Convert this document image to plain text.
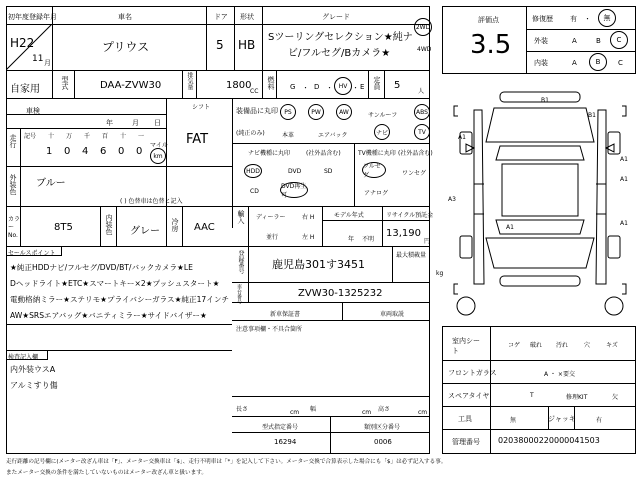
初年度登録年月	車名	ドア 形状	グレード
H22
11 月
プリウス	5 HB
Sツーリングセレクション★純ナ
ビ/フルセグ/Bカメラ★
2WD
4WD
自家用	型式	DAA-ZVW30	排気量	1800
CC
燃料 G ・ D ・ HV ・ E 定員 5
人
車検
年	月 日
シフト
FAT
走行 記号 十 万 千 百 十 一
マイル
1 0 4 6 0 0 km
外装色 ブルー
( ) 色替車は色替と記入
装備品に丸印
(純正のみ)
PS	PW	AW	サンルーフ	ABS
本革	エアバック	ナビ	TV
ナビ機種に丸印	(社外品含む)
HDD	DVD	SD
CD
DVD再生可
TV機種に丸印 (社外品含む)
フルセグ	ワンセグ
アナログ
カラーNo.
8T5	内装色 グレー 冷房 AAC
輸入 ディーラー
並行
右 H
左 H
モデル年式
不明
年
リサイクル預託金
13,190
円
セールスポイント
★純正HDDナビ/フルセグ/DVD/BT/バックカメラ★LE
Dヘッドライト★ETC★スマートキー×2★プッシュスタート★
電動格納ミラー★ステリモ★プライバシーガラス★純正17インチ
AW★SRSエアバッグ★バニティミラー★サイドバイザー★
登録番号	鹿児島301す3451
最大積載量
kg
車台番号	ZVW30-1325232
新車保証書	車両取説
注意事項欄・不具合箇所
検査記入欄
内外装ウスA
アルミすり傷
長さ	cm 幅	cm 高さ	cm
型式指定番号
16294
類別区分番号
0006
評価点
3.5
修復歴 有 ・ 無
外装	A	B C
内装	A	B	C
B1
B1
A1
A1
A1
A1
A3
A1
室内シート
コゲ 破れ 汚れ	穴	キズ
フロントガラス	A ・ ×要交
スペアタイヤ	T	修理KIT	欠
工具	無	ジャッキ	有
管理番号 02038000220000041503
走行距離の記号欄に(メーター改ざん車は「F」、メーター交換車は「$」、走行不明車は「*」を記入して下さい。メーター交換で合算表示した場合にも「$」は必ず記入する事。
またメーター交換の条件を満たしていないものはメーター改ざん車と扱います。
